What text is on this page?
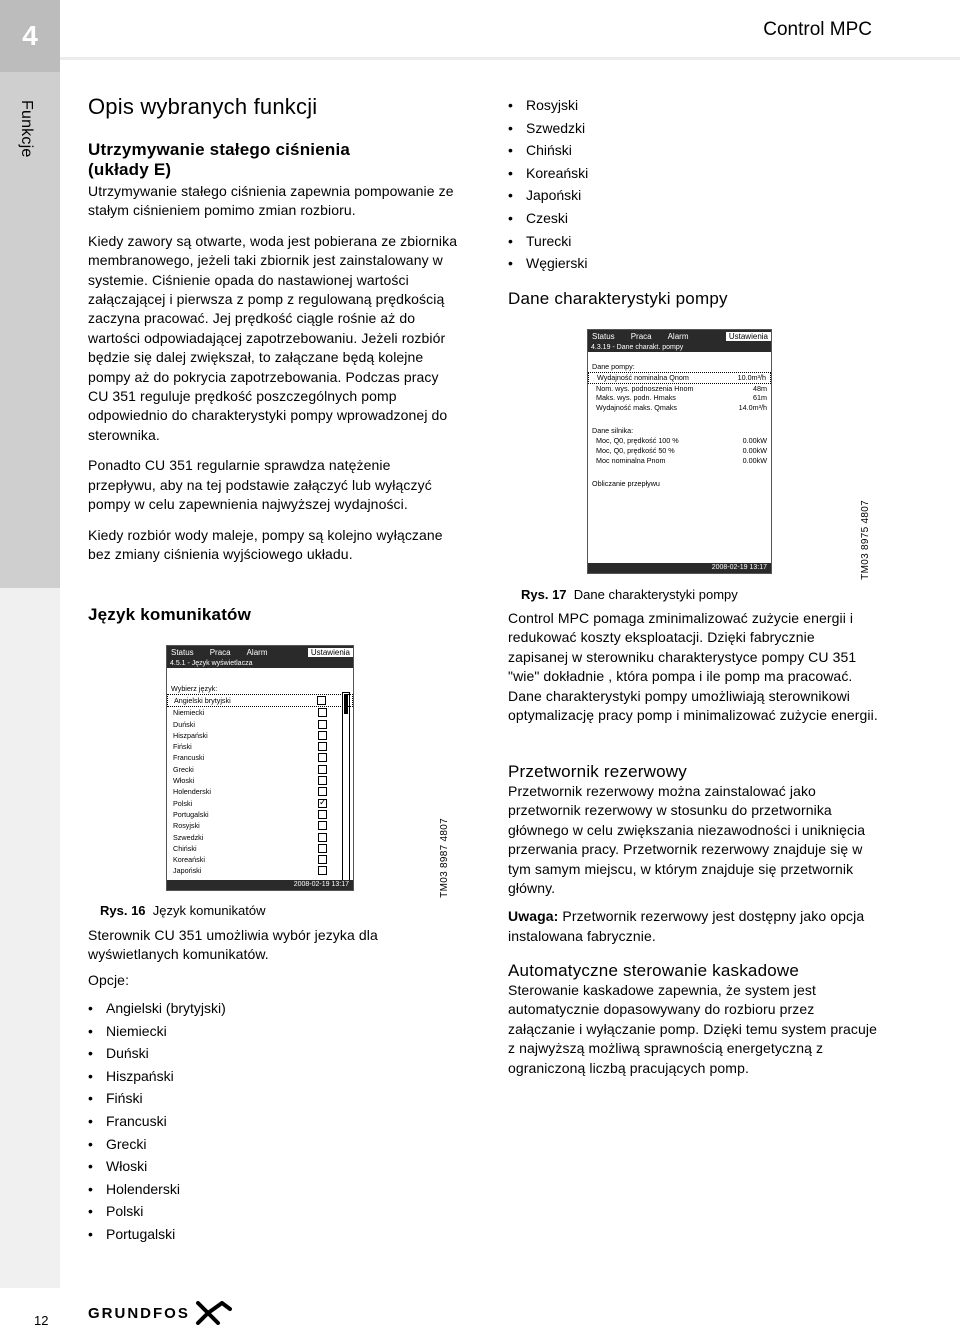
4	Control MPC
Funkcje Opis wybranych funkcji
Utrzymywanie stałego ciśnienia (układy E)

Utrzymywanie stałego ciśnienia zapewnia pompowanie ze stałym ciśnieniem pomimo zmian rozbioru.

Kiedy zawory są otwarte, woda jest pobierana ze zbiornika membranowego, jeżeli taki zbiornik jest zainstalowany w systemie. Ciśnienie opada do nastawionej wartości załączającej i pierwsza z pomp z regulowaną prędkością zaczyna pracować. Jej prędkość ciągle rośnie aż do wartości odpowiadającej zapotrzebowaniu. Jeżeli rozbiór będzie się dalej zwiększał, to załączane będą kolejne pompy aż do pokrycia zapotrzebowania. Podczas pracy CU 351 reguluje prędkość poszczególnych pomp odpowiednio do charakterystyki pompy wprowadzonej do sterownika.

Ponadto CU 351 regularnie sprawdza natężenie przepływu, aby na tej podstawie załączyć lub wyłączyć pompy w celu zapewnienia najwyższej wydajności.

Kiedy rozbiór wody maleje, pompy są kolejno wyłączane bez zmiany ciśnienia wyjściowego układu.

Język komunikatów
Status Praca Alarm	Ustawienia
4.5.1 - Język wyświetlacza
Wybierz język:
Angielski brytyjski
Niemiecki
Duński
Hiszpański
Fiński
Francuski
Grecki
Włoski
Holenderski
Polski
✓
Portugalski
Rosyjski
Szwedzki
Chiński
Koreański
Japoński
2008-02-19 13:17	TM03 8987 4807
Rys. 16 Język komunikatów

Sterownik CU 351 umożliwia wybór jezyka dla wyświetlanych komunikatów.

Opcje:

• Angielski (brytyjski)
• Niemiecki
• Duński
• Hiszpański
• Fiński
• Francuski
• Grecki
• Włoski
• Holenderski
• Polski
• Portugalski
• Rosyjski
• Szwedzki
• Chiński
• Koreański
• Japoński
• Czeski
• Turecki
• Węgierski
Dane charakterystyki pompy
Status Praca Alarm	Ustawienia
4.3.19 - Dane charakt. pompy
Dane pompy:
Wydajność nominalna Qnom	10.0m³/h
Nom. wys. podnoszenia Hnom	48m
Maks. wys. podn. Hmaks	61m
Wydajność maks. Qmaks	14.0m³/h
Dane silnika:
Moc, Q0, prędkość 100 %	0.00kW
Moc, Q0, prędkość 50 %	0.00kW
Moc nominalna Pnom	0.00kW
Obliczanie przepływu
2008-02-19 13:17	TM03 8975 4807
Rys. 17 Dane charakterystyki pompy

Control MPC pomaga zminimalizować zużycie energii i redukować koszty eksploatacji. Dzięki fabrycznie zapisanej w sterowniku charakterystyce pompy CU 351 "wie" dokładnie , która pompa i ile pomp ma pracować. Dane charakterystyki pompy umożliwiają sterownikowi optymalizację pracy pomp i minimalizować zużycie energii.

Przetwornik rezerwowy

Przetwornik rezerwowy można zainstalować jako przetwornik rezerwowy w stosunku do przetwornika głównego w celu zwiększania niezawodności i uniknięcia przerwania pracy. Przetwornik rezerwowy znajduje się w tym samym miejscu, w którym znajduje się przetwornik główny.

Uwaga: Przetwornik rezerwowy jest dostępny jako opcja instalowana fabrycznie.

Automatyczne sterowanie kaskadowe

Sterowanie kaskadowe zapewnia, że system jest automatycznie dopasowywany do rozbioru przez załączanie i wyłączanie pomp. Dzięki temu system pracuje z najwyższą możliwą sprawnością energetyczną z ograniczoną liczbą pracujących pomp.

12	GRUNDFOS
